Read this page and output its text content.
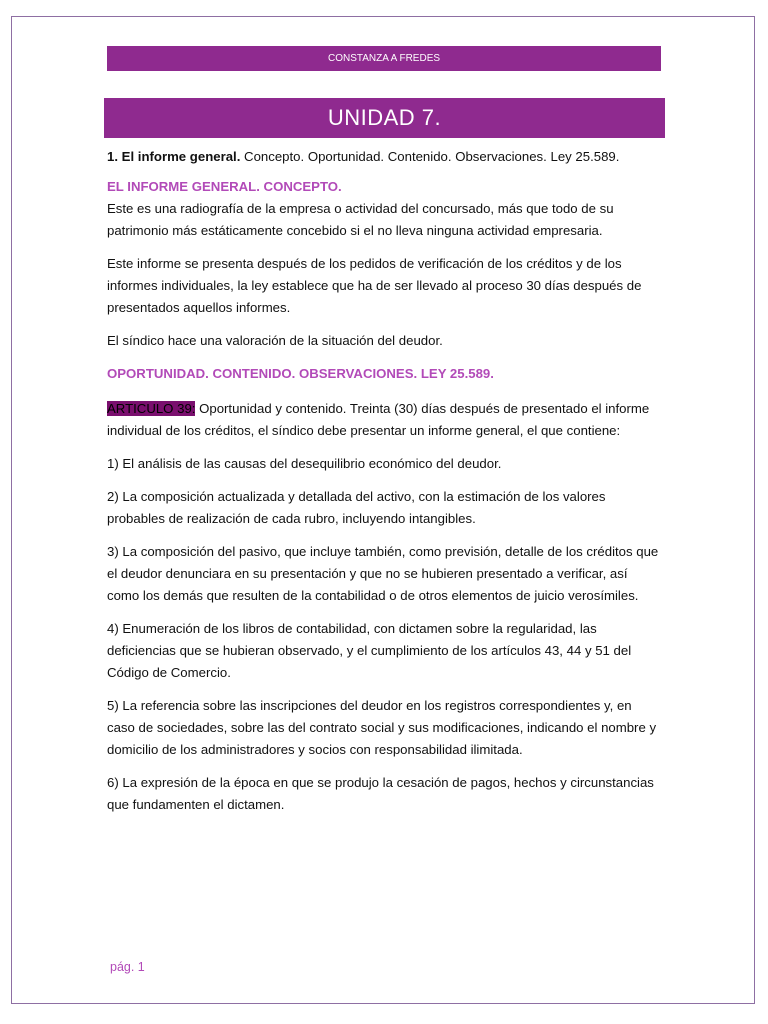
CONSTANZA A FREDES
UNIDAD 7.

1. El informe general. Concepto. Oportunidad. Contenido. Observaciones. Ley 25.589.

EL INFORME GENERAL. CONCEPTO.

Este es una radiografía de la empresa o actividad del concursado, más que todo de su patrimonio más estáticamente concebido si el no lleva ninguna actividad empresaria.

Este informe se presenta después de los pedidos de verificación de los créditos y de los informes individuales, la ley establece que ha de ser llevado al proceso 30 días después de presentados aquellos informes.

El síndico hace una valoración de la situación del deudor.

OPORTUNIDAD. CONTENIDO. OBSERVACIONES. LEY 25.589.

ARTICULO 39: Oportunidad y contenido. Treinta (30) días después de presentado el informe individual de los créditos, el síndico debe presentar un informe general, el que contiene:

1) El análisis de las causas del desequilibrio económico del deudor.

2) La composición actualizada y detallada del activo, con la estimación de los valores probables de realización de cada rubro, incluyendo intangibles.

3) La composición del pasivo, que incluye también, como previsión, detalle de los créditos que el deudor denunciara en su presentación y que no se hubieren presentado a verificar, así como los demás que resulten de la contabilidad o de otros elementos de juicio verosímiles.

4) Enumeración de los libros de contabilidad, con dictamen sobre la regularidad, las deficiencias que se hubieran observado, y el cumplimiento de los artículos 43, 44 y 51 del Código de Comercio.

5) La referencia sobre las inscripciones del deudor en los registros correspondientes y, en caso de sociedades, sobre las del contrato social y sus modificaciones, indicando el nombre y domicilio de los administradores y socios con responsabilidad ilimitada.

6) La expresión de la época en que se produjo la cesación de pagos, hechos y circunstancias que fundamenten el dictamen.

pág. 1
